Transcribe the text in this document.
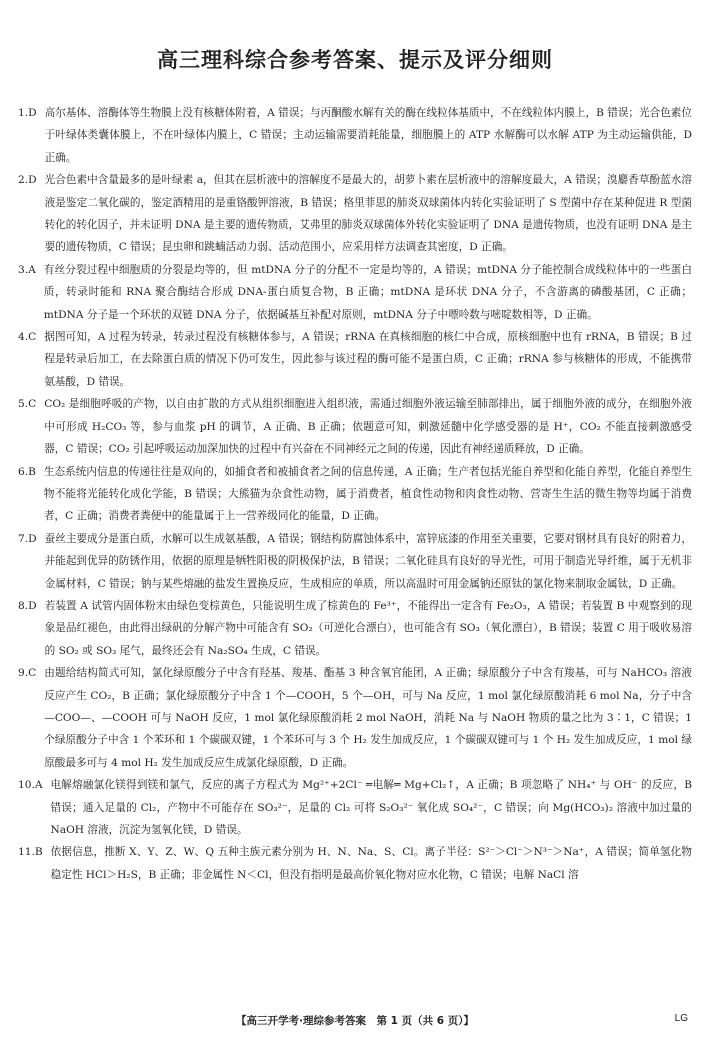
高三理科综合参考答案、提示及评分细则
1.D 高尔基体、溶酶体等生物膜上没有核糖体附着，A 错误；与丙酮酸水解有关的酶在线粒体基质中，不在线粒体内膜上，B 错误；光合色素位于叶绿体类囊体膜上，不在叶绿体内膜上，C 错误；主动运输需要消耗能量，细胞膜上的 ATP 水解酶可以水解 ATP 为主动运输供能，D 正确。
2.D 光合色素中含量最多的是叶绿素 a，但其在层析液中的溶解度不是最大的，胡萝卜素在层析液中的溶解度最大，A 错误；溴麝香草酚蓝水溶液是鉴定二氧化碳的，鉴定酒精用的是重铬酸钾溶液，B 错误；格里菲思的肺炎双球菌体内转化实验证明了 S 型菌中存在某种促进 R 型菌转化的转化因子，并未证明 DNA 是主要的遗传物质，艾弗里的肺炎双球菌体外转化实验证明了 DNA 是遗传物质，也没有证明 DNA 是主要的遗传物质，C 错误；昆虫卵和跳蝻活动力弱、活动范围小，应采用样方法调查其密度，D 正确。
3.A 有丝分裂过程中细胞质的分裂是均等的，但 mtDNA 分子的分配不一定是均等的，A 错误；mtDNA 分子能控制合成线粒体中的一些蛋白质，转录时能和 RNA 聚合酶结合形成 DNA-蛋白质复合物，B 正确；mtDNA 是环状 DNA 分子，不含游离的磷酸基团，C 正确；mtDNA 分子是一个环状的双链 DNA 分子，依据碱基互补配对原则，mtDNA 分子中嘌呤数与嘧啶数相等，D 正确。
4.C 据图可知，A 过程为转录，转录过程没有核糖体参与，A 错误；rRNA 在真核细胞的核仁中合成，原核细胞中也有 rRNA，B 错误；B 过程是转录后加工，在去除蛋白质的情况下仍可发生，因此参与该过程的酶可能不是蛋白质，C 正确；rRNA 参与核糖体的形成，不能携带氨基酸，D 错误。
5.C CO₂ 是细胞呼吸的产物，以自由扩散的方式从组织细胞进入组织液，需通过细胞外液运输至肺部排出，属于细胞外液的成分，在细胞外液中可形成 H₂CO₃ 等，参与血浆 pH 的调节，A 正确、B 正确；依题意可知，刺激延髓中化学感受器的是 H⁺，CO₂ 不能直接刺激感受器，C 错误；CO₂ 引起呼吸运动加深加快的过程中有兴奋在不同神经元之间的传递，因此有神经递质释放，D 正确。
6.B 生态系统内信息的传递往往是双向的，如捕食者和被捕食者之间的信息传递，A 正确；生产者包括光能自养型和化能自养型，化能自养型生物不能将光能转化成化学能，B 错误；大熊猫为杂食性动物，属于消费者，植食性动物和肉食性动物、营寄生生活的微生物等均属于消费者，C 正确；消费者粪便中的能量属于上一营养级同化的能量，D 正确。
7.D 蚕丝主要成分是蛋白质，水解可以生成氨基酸，A 错误；钢结构防腐蚀体系中，富锌底漆的作用至关重要，它要对钢材具有良好的附着力，并能起到优异的防锈作用，依据的原理是牺牲阳极的阴极保护法，B 错误；二氧化硅具有良好的导光性，可用于制造光导纤维，属于无机非金属材料，C 错误；钠与某些熔融的盐发生置换反应，生成相应的单质，所以高温时可用金属钠还原钛的氯化物来制取金属钛，D 正确。
8.D 若装置 A 试管内固体粉末由绿色变棕黄色，只能说明生成了棕黄色的 Fe³⁺，不能得出一定含有 Fe₂O₃，A 错误；若装置 B 中观察到的现象是品红褪色，由此得出绿矾的分解产物中可能含有 SO₂（可逆化合漂白），也可能含有 SO₃（氧化漂白），B 错误；装置 C 用于吸收易溶的 SO₂ 或 SO₃ 尾气，最终还会有 Na₂SO₄ 生成，C 错误。
9.C 由题给结构简式可知，氯化绿原酸分子中含有羟基、羧基、酯基 3 种含氧官能团，A 正确；绿原酸分子中含有羧基，可与 NaHCO₃ 溶液反应产生 CO₂，B 正确；氯化绿原酸分子中含 1 个—COOH，5 个—OH，可与 Na 反应，1 mol 氯化绿原酸消耗 6 mol Na，分子中含—COO—、—COOH 可与 NaOH 反应，1 mol 氯化绿原酸消耗 2 mol NaOH，消耗 Na 与 NaOH 物质的量之比为 3∶1，C 错误；1 个绿原酸分子中含 1 个苯环和 1 个碳碳双键，1 个苯环可与 3 个 H₂ 发生加成反应，1 个碳碳双键可与 1 个 H₂ 发生加成反应，1 mol 绿原酸最多可与 4 mol H₂ 发生加成反应生成氯化绿原酸，D 正确。
10.A 电解熔融氯化镁得到镁和氯气，反应的离子方程式为 Mg²⁺+2Cl⁻ ═电解═ Mg+Cl₂↑，A 正确；B 项忽略了 NH₄⁺ 与 OH⁻ 的反应，B 错误；通入足量的 Cl₂，产物中不可能存在 SO₃²⁻，足量的 Cl₂ 可将 S₂O₃²⁻ 氧化成 SO₄²⁻，C 错误；向 Mg(HCO₃)₂ 溶液中加过量的 NaOH 溶液，沉淀为氢氧化镁，D 错误。
11.B 依据信息，推断 X、Y、Z、W、Q 五种主族元素分别为 H、N、Na、S、Cl。离子半径：S²⁻＞Cl⁻＞N³⁻＞Na⁺，A 错误；简单氢化物稳定性 HCl＞H₂S，B 正确；非金属性 N＜Cl，但没有指明是最高价氧化物对应水化物，C 错误；电解 NaCl 溶
【高三开学考·理综参考答案　第 1 页（共 6 页）】	LG
